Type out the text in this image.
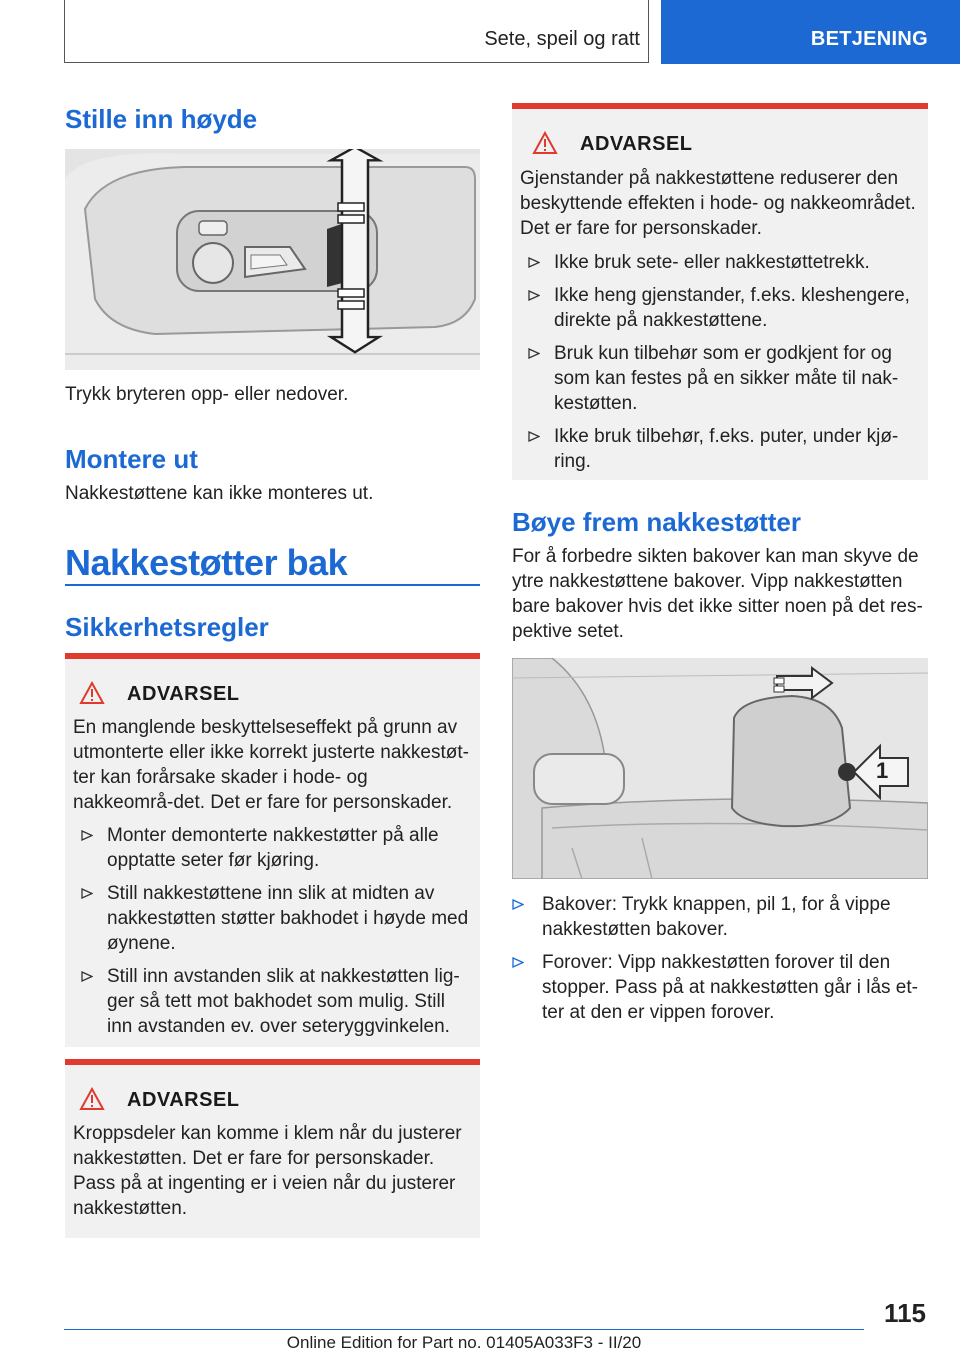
Sete, speil og ratt	BETJENING
Stille inn høyde
Trykk bryteren opp- eller nedover.
Montere ut
Nakkestøttene kan ikke monteres ut.
Nakkestøtter bak
Sikkerhetsregler
ADVARSEL
En manglende beskyttelseseffekt på grunn av utmonterte eller ikke korrekt justerte nakkestøt-ter kan forårsake skader i hode- og nakkeområ-det. Det er fare for personskader.
Monter demonterte nakkestøtter på alle opptatte seter før kjøring.
Still nakkestøttene inn slik at midten av nakkestøtten støtter bakhodet i høyde med øynene.
Still inn avstanden slik at nakkestøtten lig-ger så tett mot bakhodet som mulig. Still inn avstanden ev. over seteryggvinkelen.
ADVARSEL
Kroppsdeler kan komme i klem når du justerer nakkestøtten. Det er fare for personskader. Pass på at ingenting er i veien når du justerer nakkestøtten.
ADVARSEL
Gjenstander på nakkestøttene reduserer den beskyttende effekten i hode- og nakkeområdet. Det er fare for personskader.
Ikke bruk sete- eller nakkestøttetrekk.
Ikke heng gjenstander, f.eks. kleshengere, direkte på nakkestøttene.
Bruk kun tilbehør som er godkjent for og som kan festes på en sikker måte til nak-kestøtten.
Ikke bruk tilbehør, f.eks. puter, under kjø-ring.
Bøye frem nakkestøtter
For å forbedre sikten bakover kan man skyve de ytre nakkestøttene bakover. Vipp nakkestøtten bare bakover hvis det ikke sitter noen på det res-pektive setet.
1
Bakover: Trykk knappen, pil 1, for å vippe nakkestøtten bakover.
Forover: Vipp nakkestøtten forover til den stopper. Pass på at nakkestøtten går i lås et-ter at den er vippen forover.
115
Online Edition for Part no. 01405A033F3 - II/20
